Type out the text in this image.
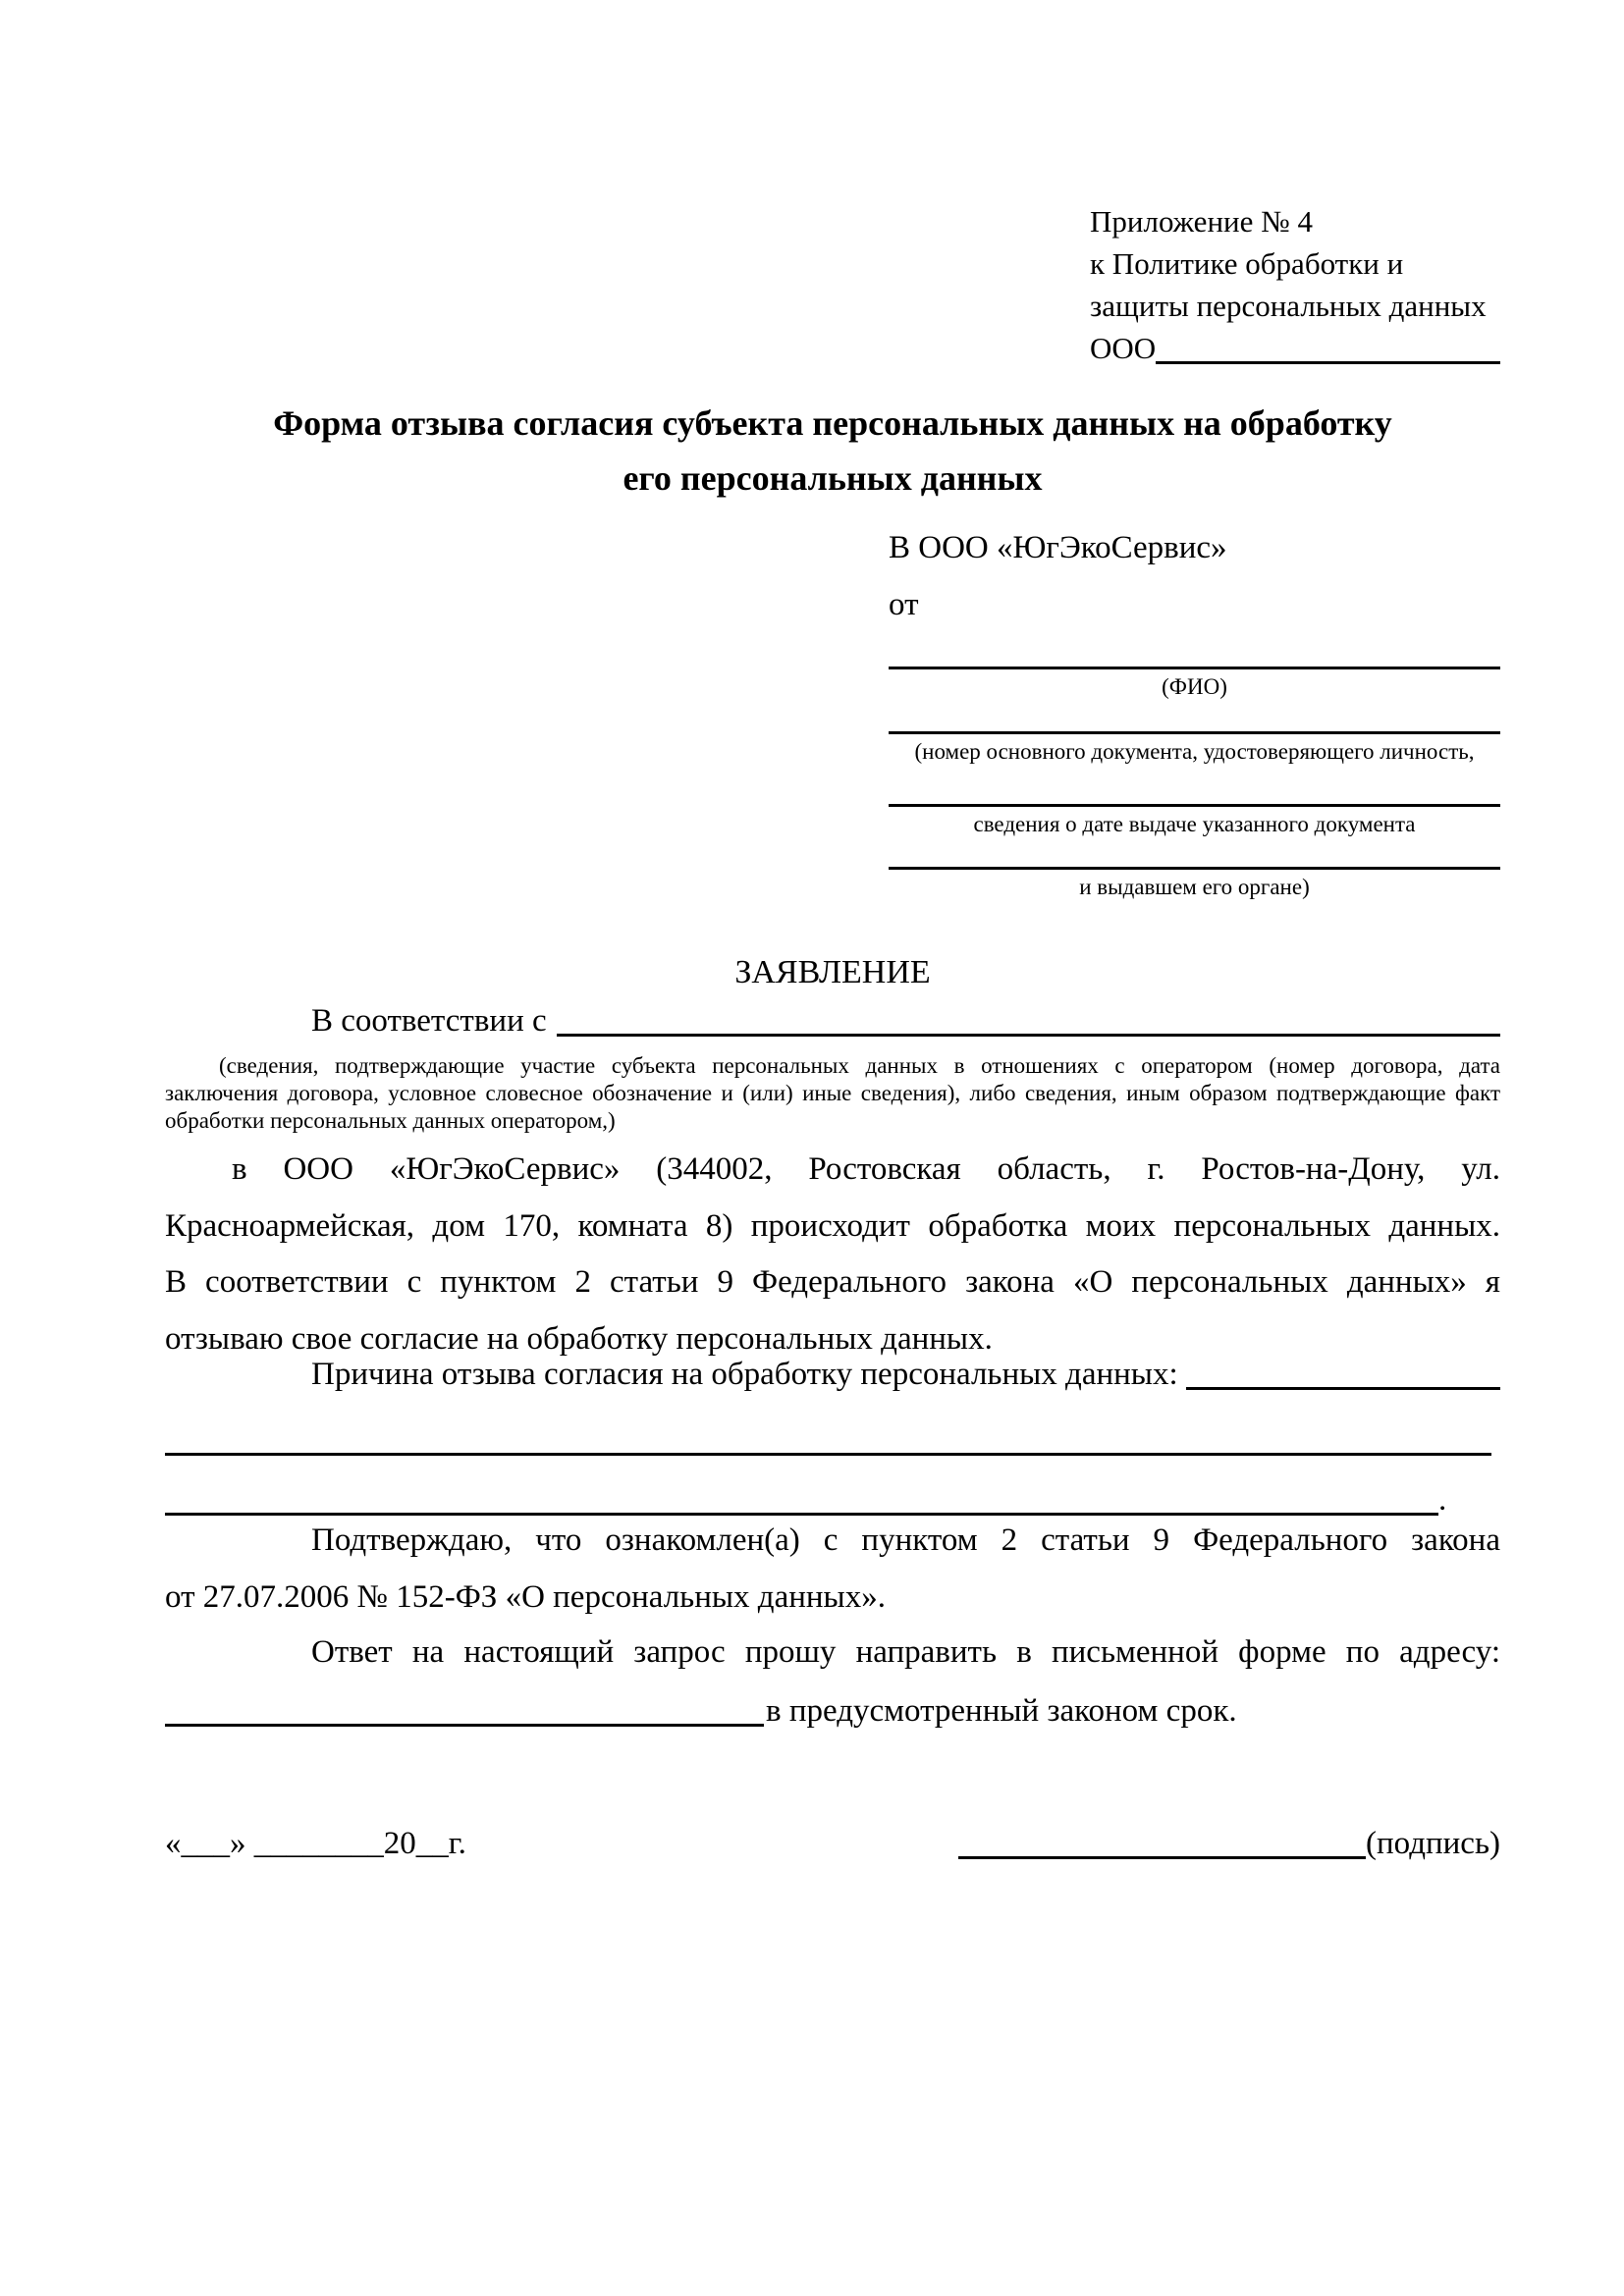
Приложение № 4
к Политике обработки и
защиты персональных данных
ООО
Форма отзыва согласия субъекта персональных данных на обработку
его персональных данных
В ООО «ЮгЭкоСервис»
от
(ФИО)
(номер основного документа, удостоверяющего личность,
сведения о дате выдаче указанного документа
и выдавшем его органе)
ЗАЯВЛЕНИЕ
В соответствии с
(сведения, подтверждающие участие субъекта персональных данных в отношениях с оператором (номер договора, дата
заключения договора, условное словесное обозначение и (или) иные сведения), либо сведения, иным образом подтверждающие факт
обработки персональных данных оператором,)
в ООО «ЮгЭкоСервис» (344002, Ростовская область, г. Ростов-на-Дону, ул.
Красноармейская, дом 170, комната 8) происходит обработка моих персональных данных.
В соответствии с пунктом 2 статьи 9 Федерального закона «О персональных данных» я
отзываю свое согласие на обработку персональных данных.
Причина отзыва согласия на обработку персональных данных:
.
Подтверждаю, что ознакомлен(а) с пунктом 2 статьи 9 Федерального закона
от 27.07.2006 № 152-ФЗ «О персональных данных».
Ответ на настоящий запрос прошу направить в письменной форме по адресу:
в предусмотренный законом срок.
«___» ________20__г.	(подпись)
